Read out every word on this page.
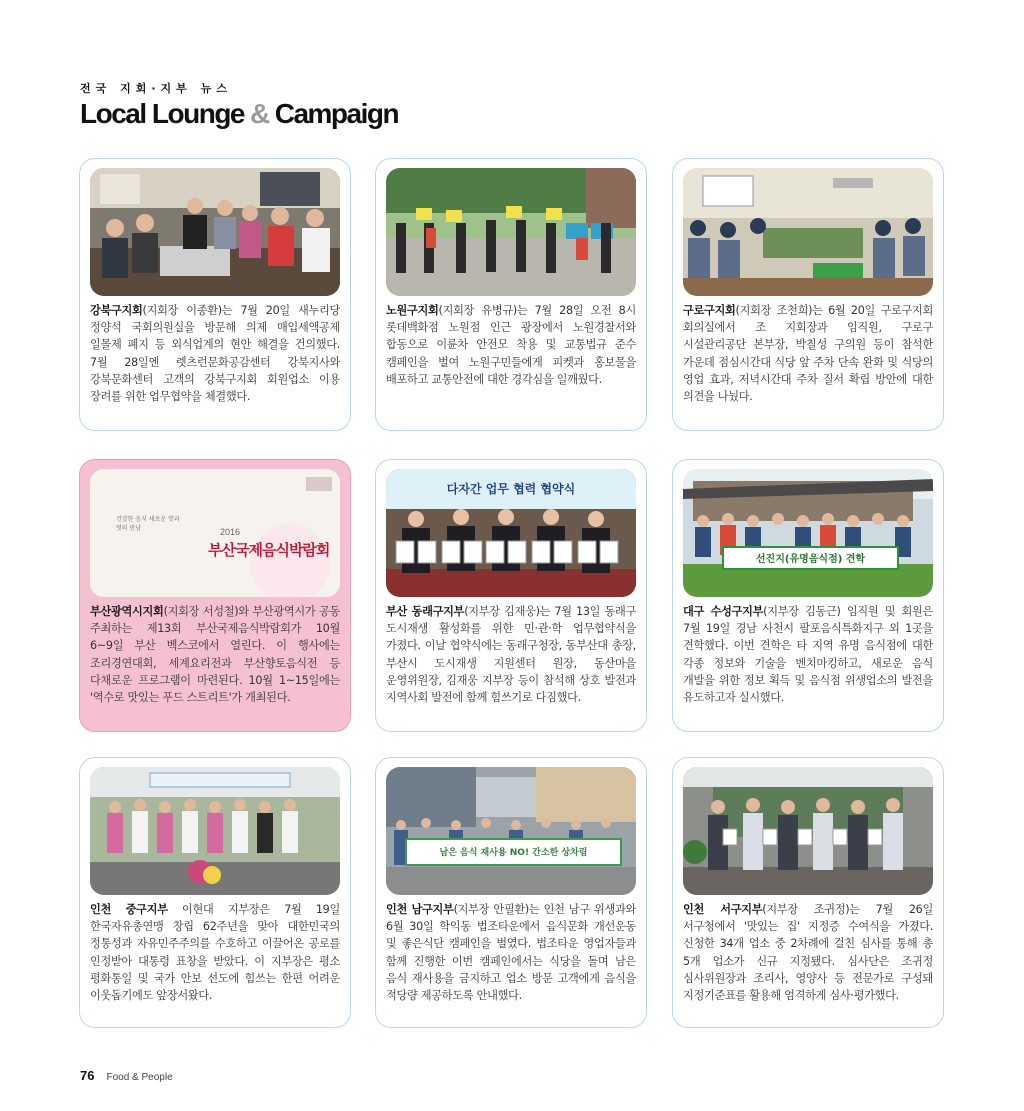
전국 지회·지부 뉴스
Local Lounge & Campaign
강북구지회(지회장 이종환)는 7월 20일 새누리당 정양석 국회의원실을 방문해 의제 매입세액공제 일몰제 폐지 등 외식업계의 현안 해결을 건의했다. 7월 28일엔 렛츠런문화공감센터 강북지사와 강북문화센터 고객의 강북구지회 회원업소 이용 장려를 위한 업무협약을 체결했다.
노원구지회(지회장 유병규)는 7월 28일 오전 8시 롯데백화점 노원점 인근 광장에서 노원경찰서와 합동으로 이륜차 안전모 착용 및 교통법규 준수 캠페인을 벌여 노원구민들에게 피켓과 홍보물을 배포하고 교통안전에 대한 경각심을 일깨웠다.
구로구지회(지회장 조천희)는 6월 20일 구로구지회 회의실에서 조 지회장과 임직원, 구로구 시설관리공단 본부장, 박칠성 구의원 등이 참석한 가운데 점심시간대 식당 앞 주차 단속 완화 및 식당의 영업 효과, 저녁시간대 주차 질서 확립 방안에 대한 의견을 나눴다.
건강한 음식 새로운 맛과 멋의 만남	2016
부산국제음식박람회
부산광역시지회(지회장 서성철)와 부산광역시가 공동 주최하는 제13회 부산국제음식박람회가 10월 6~9일 부산 벡스코에서 열린다. 이 행사에는 조리경연대회, 세계요리전과 부산향토음식전 등 다채로운 프로그램이 마련된다. 10월 1~15일에는 '역수로 맛있는 푸드 스트리트'가 개최된다.
다자간 업무 협력 협약식
부산 동래구지부(지부장 김재웅)는 7월 13일 동래구 도시재생 활성화를 위한 민·관·학 업무협약식을 가졌다. 이날 협약식에는 동래구청장, 동부산대 총장, 부산시 도시재생 지원센터 원장, 동산마을 운영위원장, 김재웅 지부장 등이 참석해 상호 발전과 지역사회 발전에 함께 힘쓰기로 다짐했다.
선진지(유명음식점) 견학
대구 수성구지부(지부장 김동근) 임직원 및 회원은 7월 19일 경남 사천시 팔포음식특화지구 외 1곳을 견학했다. 이번 견학은 타 지역 유명 음식점에 대한 각종 정보와 기술을 벤치마킹하고, 새로운 음식 개발을 위한 정보 획득 및 음식점 위생업소의 발전을 유도하고자 실시했다.
인천 중구지부 이현대 지부장은 7월 19일 한국자유총연맹 창립 62주년을 맞아 대한민국의 정통성과 자유민주주의를 수호하고 이끌어온 공로를 인정받아 대통령 표창을 받았다. 이 지부장은 평소 평화통일 및 국가 안보 선도에 힘쓰는 한편 어려운 이웃돕기에도 앞장서왔다.
남은 음식 재사용 NO! 간소한 상차림
인천 남구지부(지부장 안필환)는 인천 남구 위생과와 6월 30일 학익동 법조타운에서 음식문화 개선운동 및 좋은식단 캠페인을 벌였다. 법조타운 영업자들과 함께 진행한 이번 캠페인에서는 식당을 돌며 남은 음식 재사용을 금지하고 업소 방문 고객에게 음식을 적당량 제공하도록 안내했다.
인천 서구지부(지부장 조귀정)는 7월 26일 서구청에서 '맛있는 집' 지정증 수여식을 가졌다. 신청한 34개 업소 중 2차례에 걸친 심사를 통해 총 5개 업소가 신규 지정됐다. 심사단은 조귀정 심사위원장과 조리사, 영양사 등 전문가로 구성돼 지정기준표를 활용해 엄격하게 심사·평가했다.
76 Food & People
